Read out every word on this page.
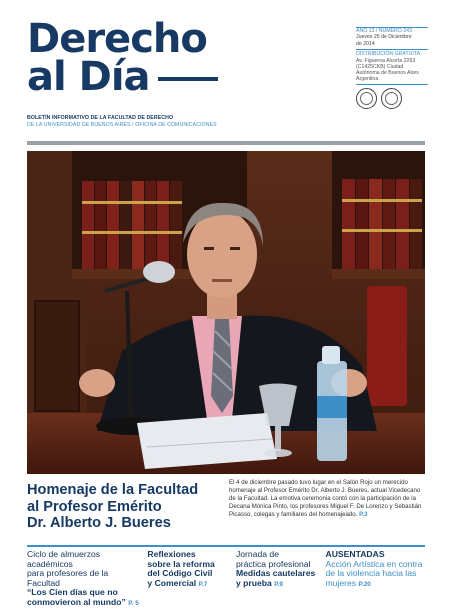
Derecho
al Día
BOLETÍN INFORMATIVO DE LA FACULTAD DE DERECHO
DE LA UNIVERSIDAD DE BUENOS AIRES / OFICINA DE COMUNICACIONES
AÑO 13 / NÚMERO 243
Jueves 25 de Diciembre
de 2014
DISTRIBUCIÓN GRATUITA
Av. Figueroa Alcorta 2263
(C1425CKB) Ciudad
Autónoma de Buenos Aires
Argentina
Homenaje de la Facultad
al Profesor Emérito
Dr. Alberto J. Bueres
El 4 de diciembre pasado tuvo lugar en el Salón Rojo un merecido homenaje al Profesor Emérito Dr. Alberto J. Bueres, actual Vicedecano de la Facultad. La emotiva ceremonia contó con la participación de la Decana Mónica Pinto, los profesores Miguel F. De Lorenzo y Sebastián Picasso, colegas y familiares del homenajeado. P.3
Ciclo de almuerzos académicos
para profesores de la Facultad
“Los Cien días que no
conmovieron al mundo” P. 5
Reflexiones
sobre la reforma
del Código Civil
y Comercial P.7
Jornada de
práctica profesional
Medidas cautelares
y prueba P.9
AUSENTADAS
Acción Artística en contra
de la violencia hacia las
mujeres P.20
